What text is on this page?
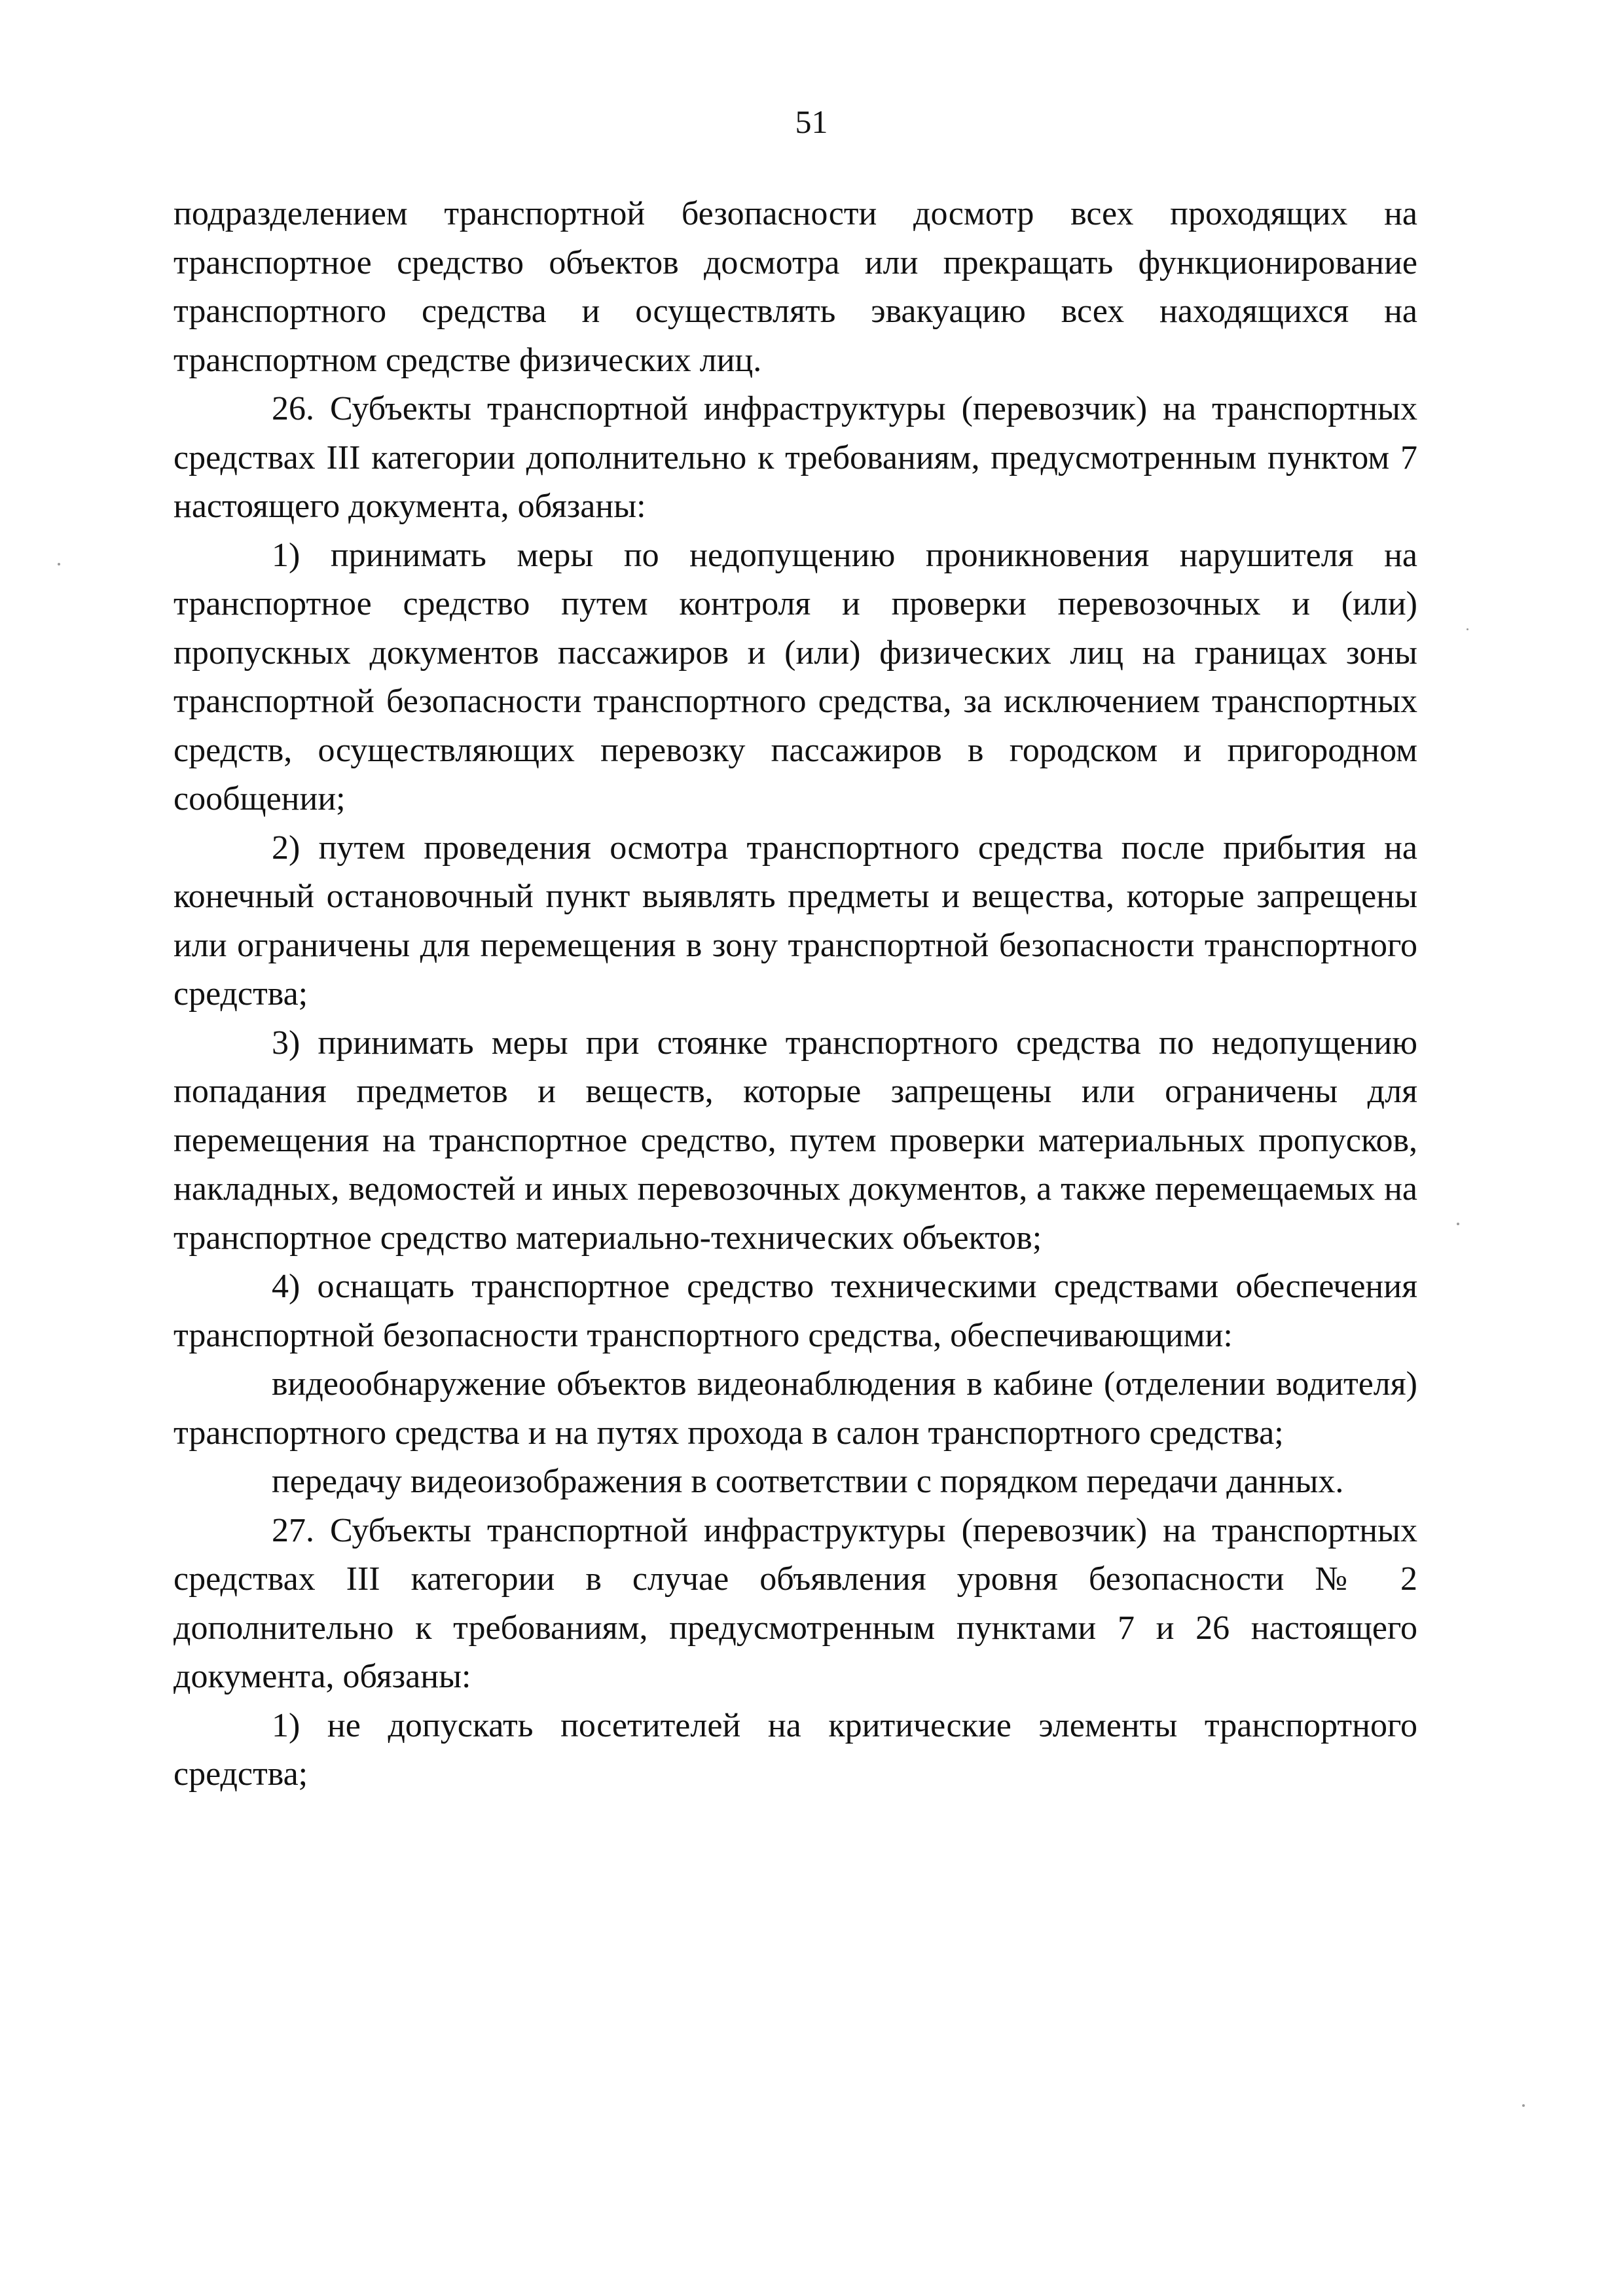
51

подразделением транспортной безопасности досмотр всех проходящих на транспортное средство объектов досмотра или прекращать функционирование транспортного средства и осуществлять эвакуацию всех находящихся на транспортном средстве физических лиц.

26. Субъекты транспортной инфраструктуры (перевозчик) на транспортных средствах III категории дополнительно к требованиям, предусмотренным пунктом 7 настоящего документа, обязаны:

1) принимать меры по недопущению проникновения нарушителя на транспортное средство путем контроля и проверки перевозочных и (или) пропускных документов пассажиров и (или) физических лиц на границах зоны транспортной безопасности транспортного средства, за исключением транспортных средств, осуществляющих перевозку пассажиров в городском и пригородном сообщении;

2) путем проведения осмотра транспортного средства после прибытия на конечный остановочный пункт выявлять предметы и вещества, которые запрещены или ограничены для перемещения в зону транспортной безопасности транспортного средства;

3) принимать меры при стоянке транспортного средства по недопущению попадания предметов и веществ, которые запрещены или ограничены для перемещения на транспортное средство, путем проверки материальных пропусков, накладных, ведомостей и иных перевозочных документов, а также перемещаемых на транспортное средство материально-технических объектов;

4) оснащать транспортное средство техническими средствами обеспечения транспортной безопасности транспортного средства, обеспечивающими:

видеообнаружение объектов видеонаблюдения в кабине (отделении водителя) транспортного средства и на путях прохода в салон транспортного средства;

передачу видеоизображения в соответствии с порядком передачи данных.

27. Субъекты транспортной инфраструктуры (перевозчик) на транспортных средствах III категории в случае объявления уровня безопасности № 2 дополнительно к требованиям, предусмотренным пунктами 7 и 26 настоящего документа, обязаны:

1) не допускать посетителей на критические элементы транспортного средства;
